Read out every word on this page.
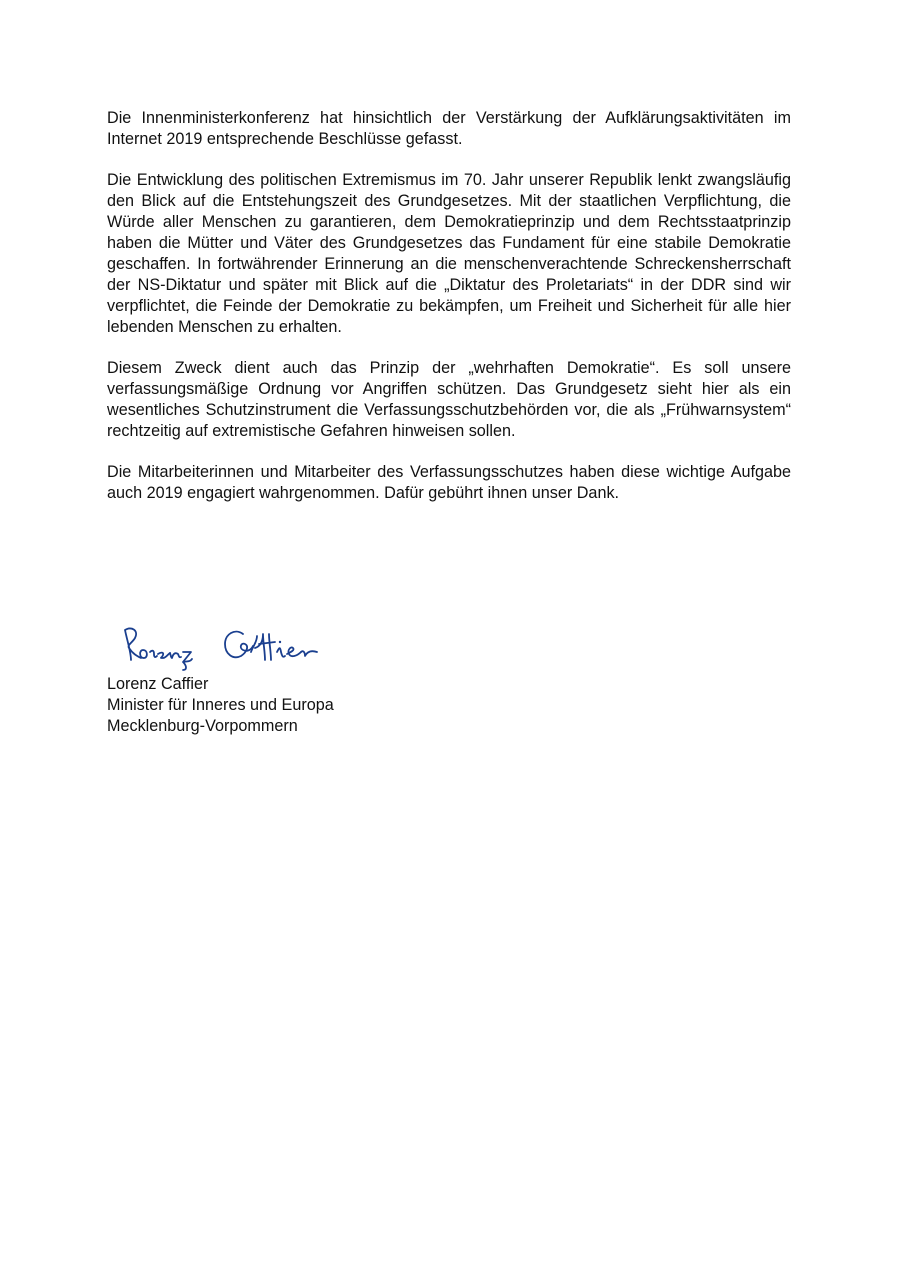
Die Innenministerkonferenz hat hinsichtlich der Verstärkung der Aufklärungsaktivitäten im Internet 2019 entsprechende Beschlüsse gefasst.

Die Entwicklung des politischen Extremismus im 70. Jahr unserer Republik lenkt zwangsläufig den Blick auf die Entstehungszeit des Grundgesetzes. Mit der staatlichen Verpflichtung, die Würde aller Menschen zu garantieren, dem Demokratieprinzip und dem Rechtsstaatprinzip haben die Mütter und Väter des Grundgesetzes das Fundament für eine stabile Demokratie geschaffen. In fortwährender Erinnerung an die menschenverachtende Schreckensherrschaft der NS-Diktatur und später mit Blick auf die „Diktatur des Proletariats“ in der DDR sind wir verpflichtet, die Feinde der Demokratie zu bekämpfen, um Freiheit und Sicherheit für alle hier lebenden Menschen zu erhalten.

Diesem Zweck dient auch das Prinzip der „wehrhaften Demokratie“. Es soll unsere verfassungsmäßige Ordnung vor Angriffen schützen. Das Grundgesetz sieht hier als ein wesentliches Schutzinstrument die Verfassungsschutzbehörden vor, die als „Frühwarnsystem“ rechtzeitig auf extremistische Gefahren hinweisen sollen.

Die Mitarbeiterinnen und Mitarbeiter des Verfassungsschutzes haben diese wichtige Aufgabe auch 2019 engagiert wahrgenommen. Dafür gebührt ihnen unser Dank.

Lorenz Caffier

Minister für Inneres und Europa

Mecklenburg-Vorpommern
